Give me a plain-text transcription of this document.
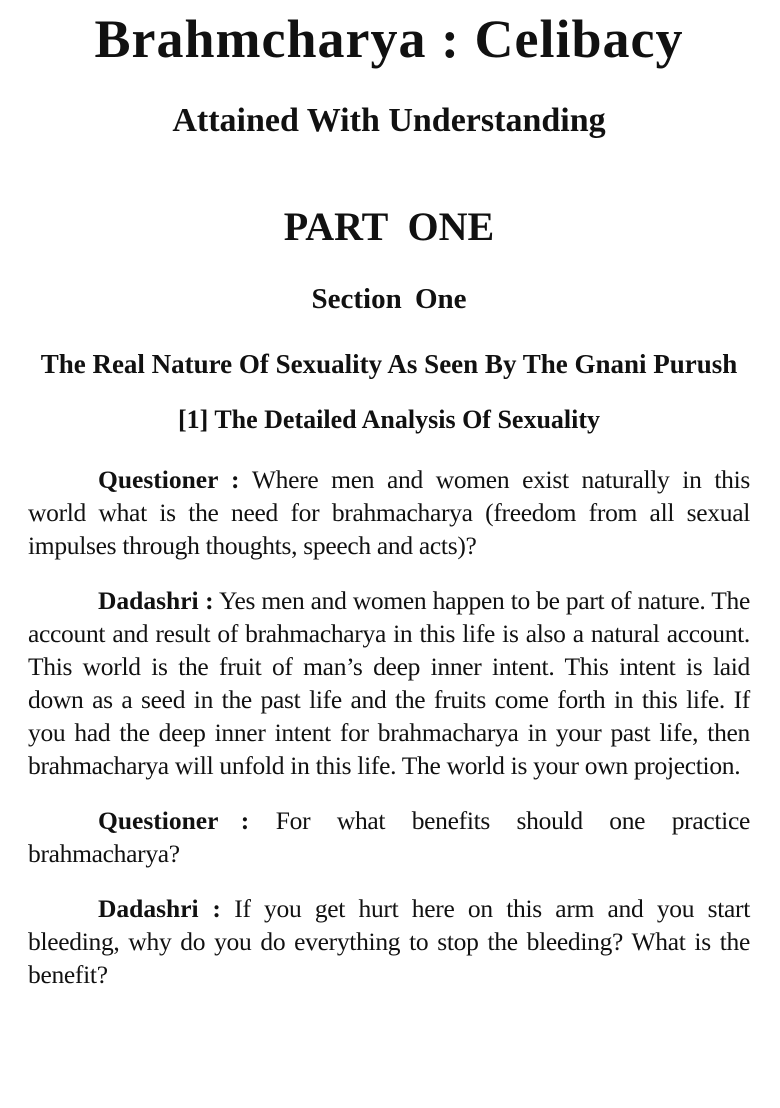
Brahmcharya : Celibacy
Attained With Understanding
PART ONE
Section One
The Real Nature Of Sexuality As Seen By The Gnani Purush
[1] The Detailed Analysis Of Sexuality

Questioner : Where men and women exist naturally in this world what is the need for brahmacharya (freedom from all sexual impulses through thoughts, speech and acts)?

Dadashri : Yes men and women happen to be part of nature. The account and result of brahmacharya in this life is also a natural account. This world is the fruit of man’s deep inner intent. This intent is laid down as a seed in the past life and the fruits come forth in this life. If you had the deep inner intent for brahmacharya in your past life, then brahmacharya will unfold in this life. The world is your own projection.

Questioner : For what benefits should one practice brahmacharya?

Dadashri : If you get hurt here on this arm and you start bleeding, why do you do everything to stop the bleeding? What is the benefit?
